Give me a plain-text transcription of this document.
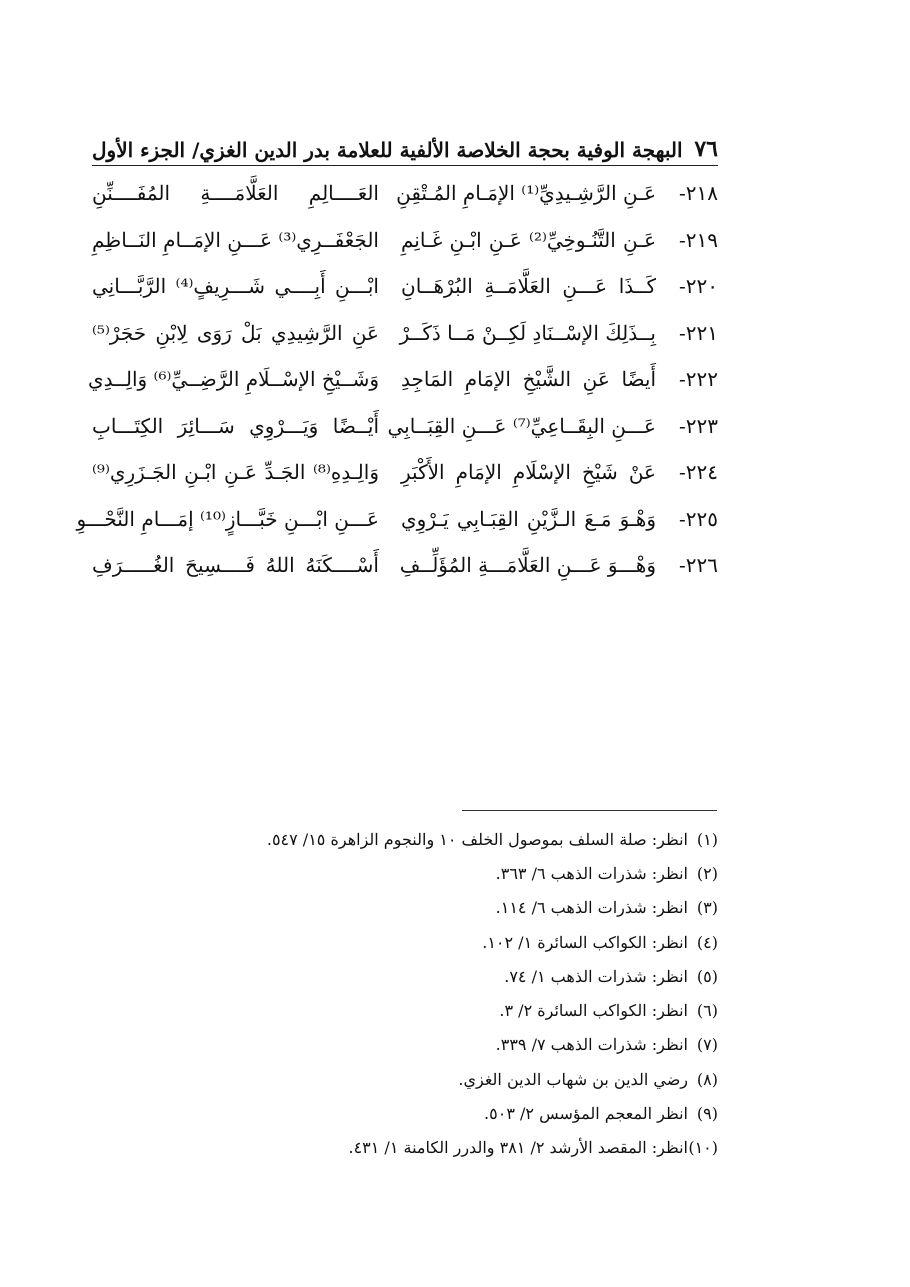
٧٦
البهجة الوفية بحجة الخلاصة الألفية للعلامة بدر الدين الغزي/ الجزء الأول
٢١٨-
عَـنِ الرَّشِـيدِيِّ⁽¹⁾ الإمَـامِ المُـتْقِنِ
العَــــالِمِ العَلَّامَــــةِ المُفَــــنِّنِ
٢١٩-
عَـنِ التَّنُـوخِيِّ⁽²⁾ عَـنِ ابْـنِ غَـانِمِ
الجَعْفَــرِي⁽³⁾ عَـــنِ الإمَــامِ النَــاظِمِ
٢٢٠-
كَــذَا عَـــنِ العَلَّامَــةِ البُرْهَــانِ
ابْـــنِ أَبِــــي شَـــرِيفٍ⁽⁴⁾ الرَّبَّـــانِي
٢٢١-
بِــذَلِكَ الإسْــنَادِ لَكِــنْ مَــا ذَكَــرْ
عَنِ الرَّشِيدِي بَلْ رَوَى لِابْنِ حَجَرْ⁽⁵⁾
٢٢٢-
أَيضًا عَنِ الشَّيْخِ الإمَامِ المَاجِدِ
وَشَــيْخِ الإسْــلَامِ الرَّضِــيِّ⁽⁶⁾ وَالِــدِي
٢٢٣-
عَـــنِ البِقَــاعِيِّ⁽⁷⁾ عَـــنِ القِبَــابِي
أَيْــضًا وَيَـــرْوِي سَـــائِرَ الكِتَـــابِ
٢٢٤-
عَنْ شَيْخِ الإسْلَامِ الإمَامِ الأَكْبَرِ
وَالِـدِهِ⁽⁸⁾ الجَـدِّ عَـنِ ابْـنِ الجَـزَرِي⁽⁹⁾
٢٢٥-
وَهْـوَ مَـعَ الـزَّيْنِ القِبَـابِي يَـرْوِي
عَـــنِ ابْـــنِ خَبَّـــازٍ⁽¹⁰⁾ إمَـــامِ النَّحْـــوِ
٢٢٦-
وَهْـــوَ عَـــنِ العَلَّامَـــةِ المُؤَلِّــفِ
أَسْــــكَنَهُ اللهُ فَــــسِيحَ الغُـــــرَفِ
(١)
انظر: صلة السلف بموصول الخلف ١٠ والنجوم الزاهرة ١٥/ ٥٤٧.
(٢)
انظر: شذرات الذهب ٦/ ٣٦٣.
(٣)
انظر: شذرات الذهب ٦/ ١١٤.
(٤)
انظر: الكواكب السائرة ١/ ١٠٢.
(٥)
انظر: شذرات الذهب ١/ ٧٤.
(٦)
انظر: الكواكب السائرة ٢/ ٣.
(٧)
انظر: شذرات الذهب ٧/ ٣٣٩.
(٨)
رضي الدين بن شهاب الدين الغزي.
(٩)
انظر المعجم المؤسس ٢/ ٥٠٣.
(١٠)
انظر: المقصد الأرشد ٢/ ٣٨١ والدرر الكامنة ١/ ٤٣١.
